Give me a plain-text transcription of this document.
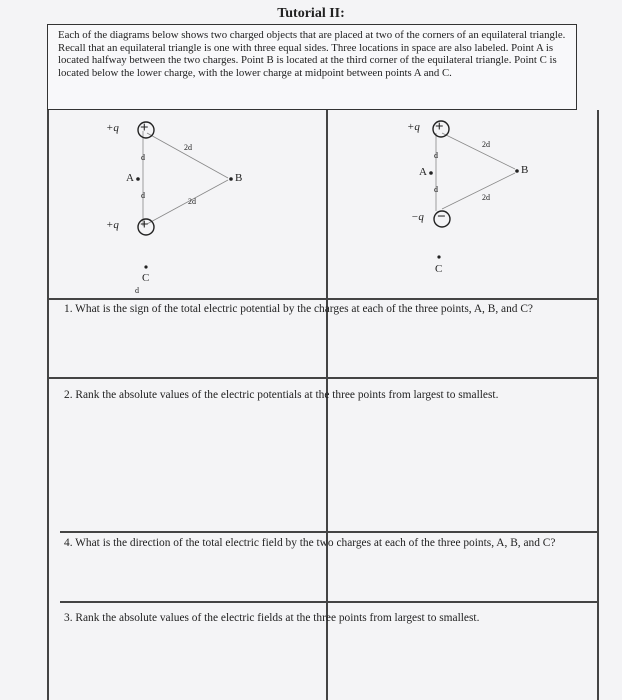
Tutorial II:
Each of the diagrams below shows two charged objects that are placed at two of the corners of an equilateral triangle. Recall that an equilateral triangle is one with three equal sides. Three locations in space are also labeled. Point A is located halfway between the two charges. Point B is located at the third corner of the equilateral triangle. Point C is located below the lower charge, with the lower charge at midpoint between points A and C.
+q +
+q +
d
d
2d
2d
A	B
C
d
+q +
−q −
d
d
2d
2d
A	B
C
1. What is the sign of the total electric potential by the charges at each of the three points, A, B, and C?
2. Rank the absolute values of the electric potentials at the three points from largest to smallest.
4. What is the direction of the total electric field by the two charges at each of the three points, A, B, and C?
3. Rank the absolute values of the electric fields at the three points from largest to smallest.
